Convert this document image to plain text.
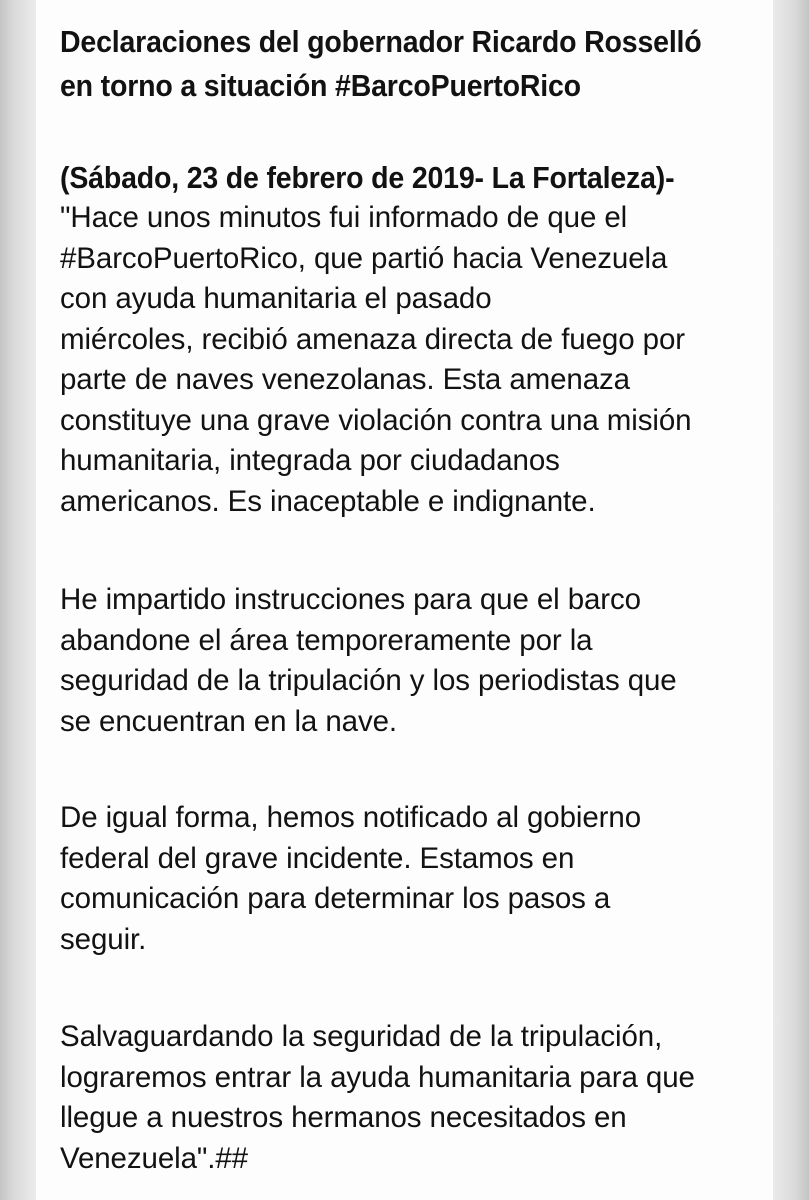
Declaraciones del gobernador Ricardo Rosselló
en torno a situación #BarcoPuertoRico

(Sábado, 23 de febrero de 2019- La Fortaleza)-

"Hace unos minutos fui informado de que el
#BarcoPuertoRico, que partió hacia Venezuela
con ayuda humanitaria el pasado
miércoles, recibió amenaza directa de fuego por
parte de naves venezolanas. Esta amenaza
constituye una grave violación contra una misión
humanitaria, integrada por ciudadanos
americanos. Es inaceptable e indignante.

He impartido instrucciones para que el barco
abandone el área temporeramente por la
seguridad de la tripulación y los periodistas que
se encuentran en la nave.

De igual forma, hemos notificado al gobierno
federal del grave incidente. Estamos en
comunicación para determinar los pasos a
seguir.

Salvaguardando la seguridad de la tripulación,
lograremos entrar la ayuda humanitaria para que
llegue a nuestros hermanos necesitados en
Venezuela".##
